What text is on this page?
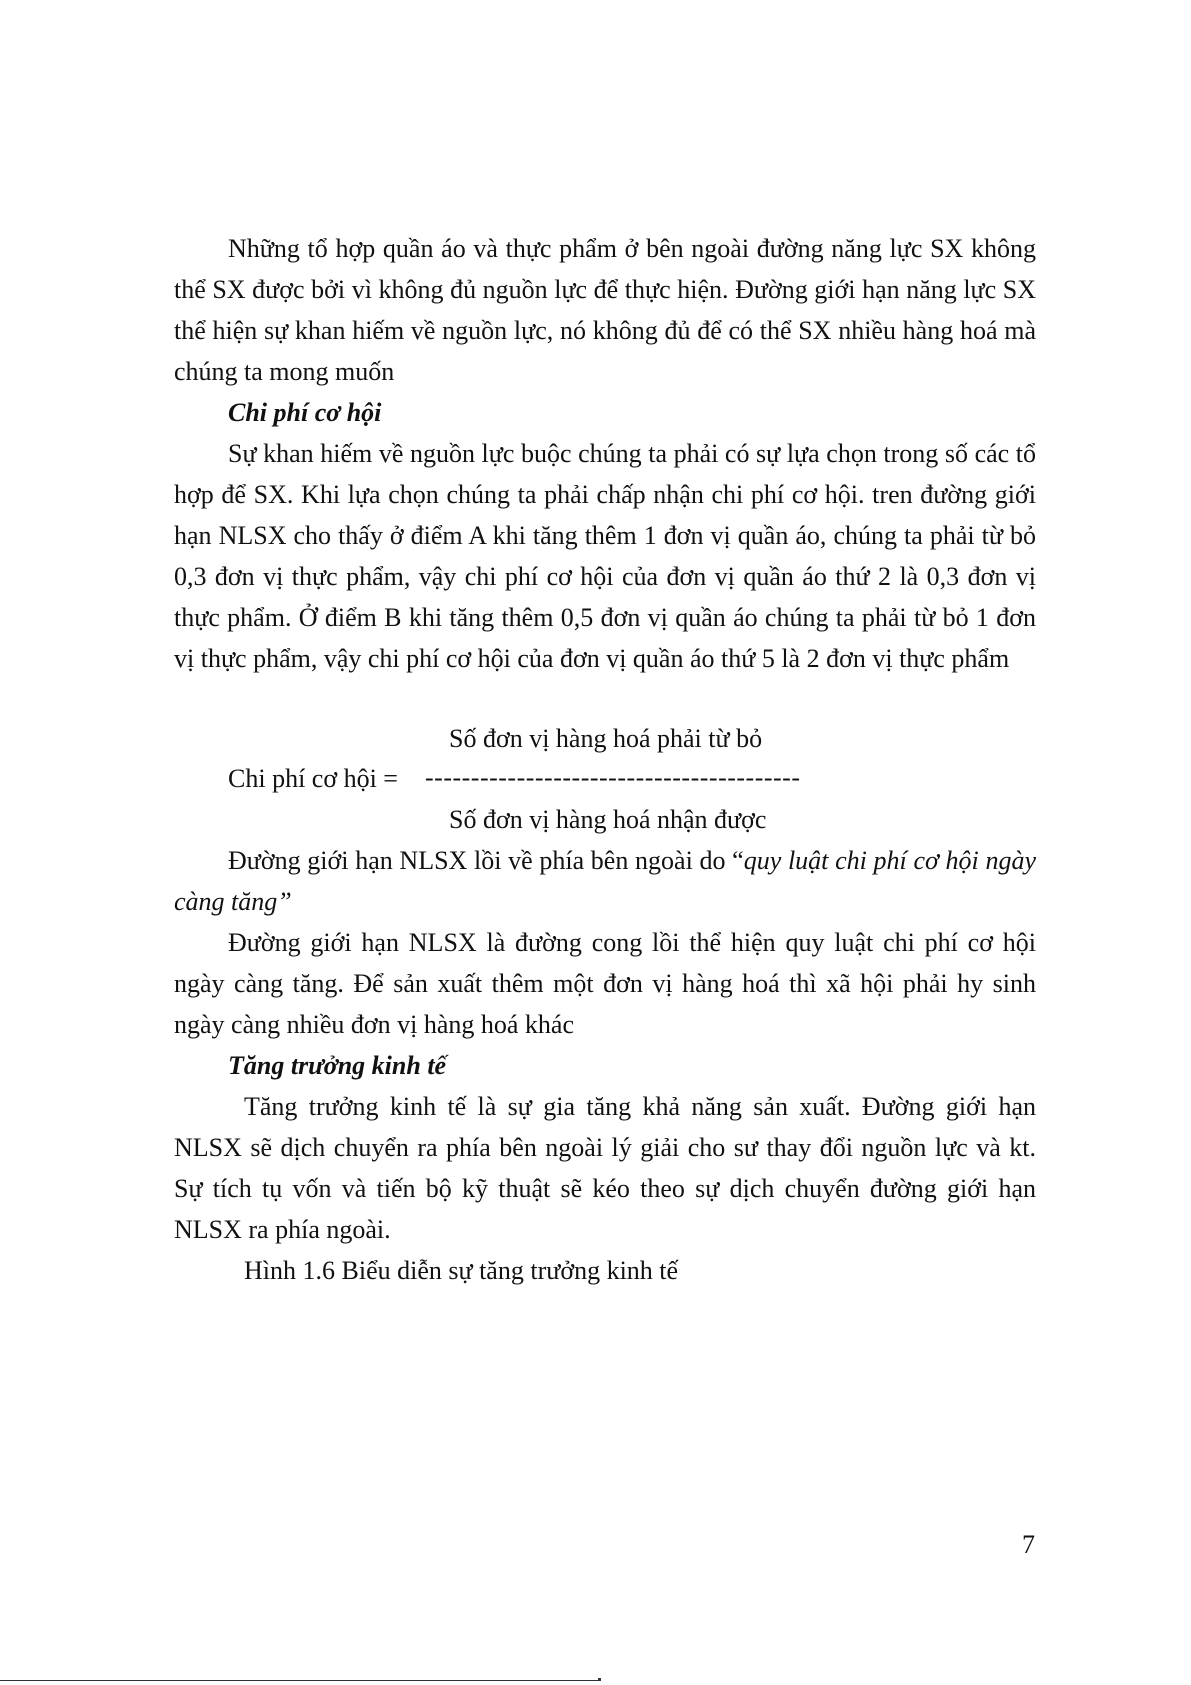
Những tổ hợp quần áo và thực phẩm ở bên ngoài đường năng lực SX không thể SX được bởi vì không đủ nguồn lực để thực hiện. Đường giới hạn năng lực SX thể hiện sự khan hiếm về nguồn lực, nó không đủ để có thể SX nhiều hàng hoá mà chúng ta mong muốn

Chi phí cơ hội

Sự khan hiếm về nguồn lực buộc chúng ta phải có sự lựa chọn trong số các tổ hợp để SX. Khi lựa chọn chúng ta phải chấp nhận chi phí cơ hội. tren đường giới hạn NLSX cho thấy ở điểm A khi tăng thêm 1 đơn vị quần áo, chúng ta phải từ bỏ 0,3 đơn vị thực phẩm, vậy chi phí cơ hội của đơn vị quần áo thứ 2 là 0,3 đơn vị thực phẩm. Ở điểm B khi tăng thêm 0,5 đơn vị quần áo chúng ta phải từ bỏ 1 đơn vị thực phẩm, vậy chi phí cơ hội của đơn vị quần áo thứ 5 là 2 đơn vị thực phẩm

Số đơn vị hàng hoá phải từ bỏ
Chi phí cơ hội = -----------------------------------------
Số đơn vị hàng hoá nhận được

Đường giới hạn NLSX lồi về phía bên ngoài do “quy luật chi phí cơ hội ngày càng tăng”

Đường giới hạn NLSX là đường cong lồi thể hiện quy luật chi phí cơ hội ngày càng tăng. Để sản xuất thêm một đơn vị hàng hoá thì xã hội phải hy sinh ngày càng nhiều đơn vị hàng hoá khác

Tăng trưởng kinh tế

Tăng trưởng kinh tế là sự gia tăng khả năng sản xuất. Đường giới hạn NLSX sẽ dịch chuyển ra phía bên ngoài lý giải cho sư thay đổi nguồn lực và kt. Sự tích tụ vốn và tiến bộ kỹ thuật sẽ kéo theo sự dịch chuyển đường giới hạn NLSX ra phía ngoài.

Hình 1.6 Biểu diễn sự tăng trưởng kinh tế

7
